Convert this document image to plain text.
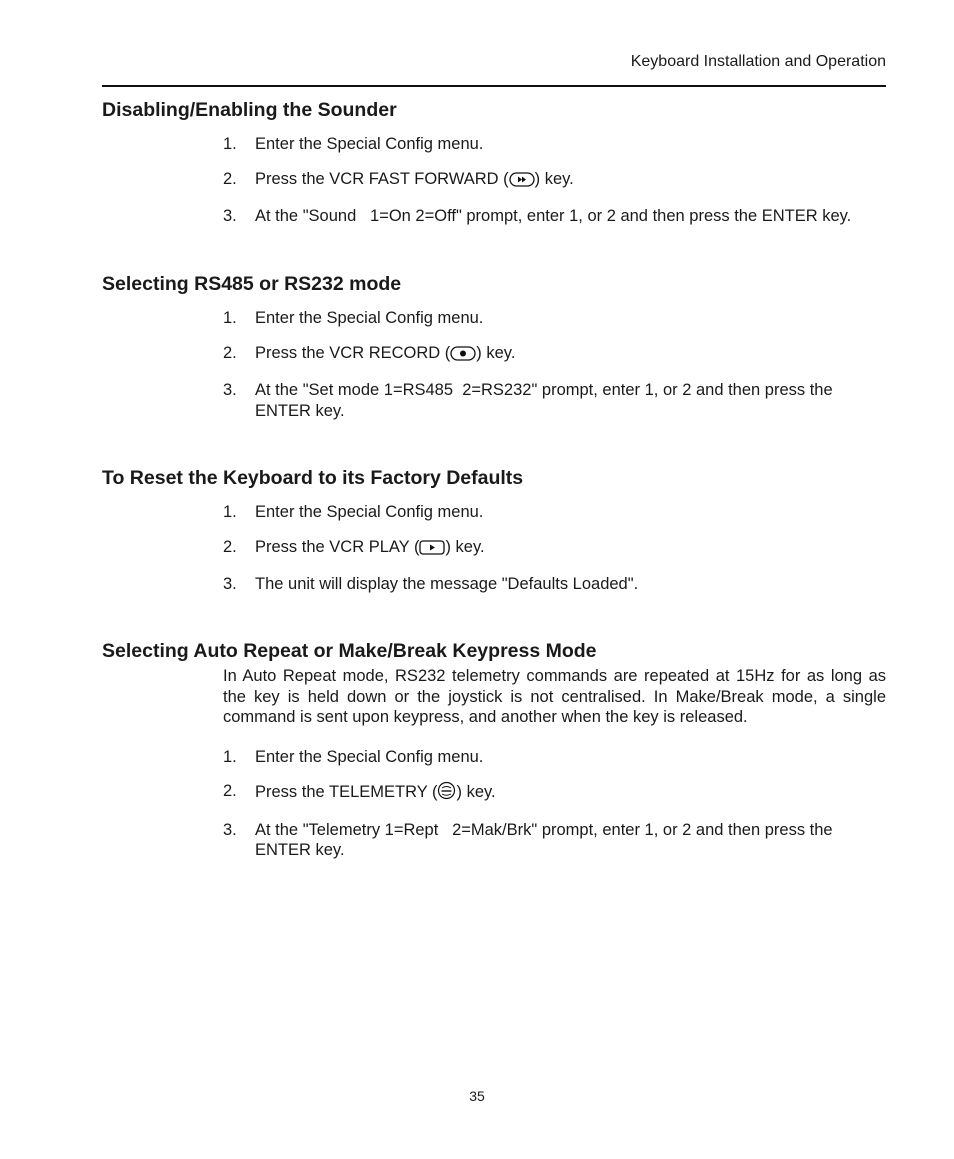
Keyboard Installation and Operation
Disabling/Enabling the Sounder
1. Enter the Special Config menu.
2. Press the VCR FAST FORWARD ( ) key.
3. At the "Sound   1=On 2=Off" prompt, enter 1, or 2 and then press the ENTER key.
Selecting RS485 or RS232 mode
1. Enter the Special Config menu.
2. Press the VCR RECORD ( ) key.
3. At the "Set mode 1=RS485  2=RS232" prompt, enter 1, or 2 and then press the ENTER key.
To Reset the Keyboard to its Factory Defaults
1. Enter the Special Config menu.
2. Press the VCR PLAY ( ) key.
3. The unit will display the message "Defaults Loaded".
Selecting Auto Repeat or Make/Break Keypress Mode

In Auto Repeat mode, RS232 telemetry commands are repeated at 15Hz for as long as the key is held down or the joystick is not centralised. In Make/Break mode, a single command is sent upon keypress, and another when the key is released.

1. Enter the Special Config menu.
2. Press the TELEMETRY ( ) key.
3. At the "Telemetry 1=Rept   2=Mak/Brk" prompt, enter 1, or 2 and then press the ENTER key.
35
